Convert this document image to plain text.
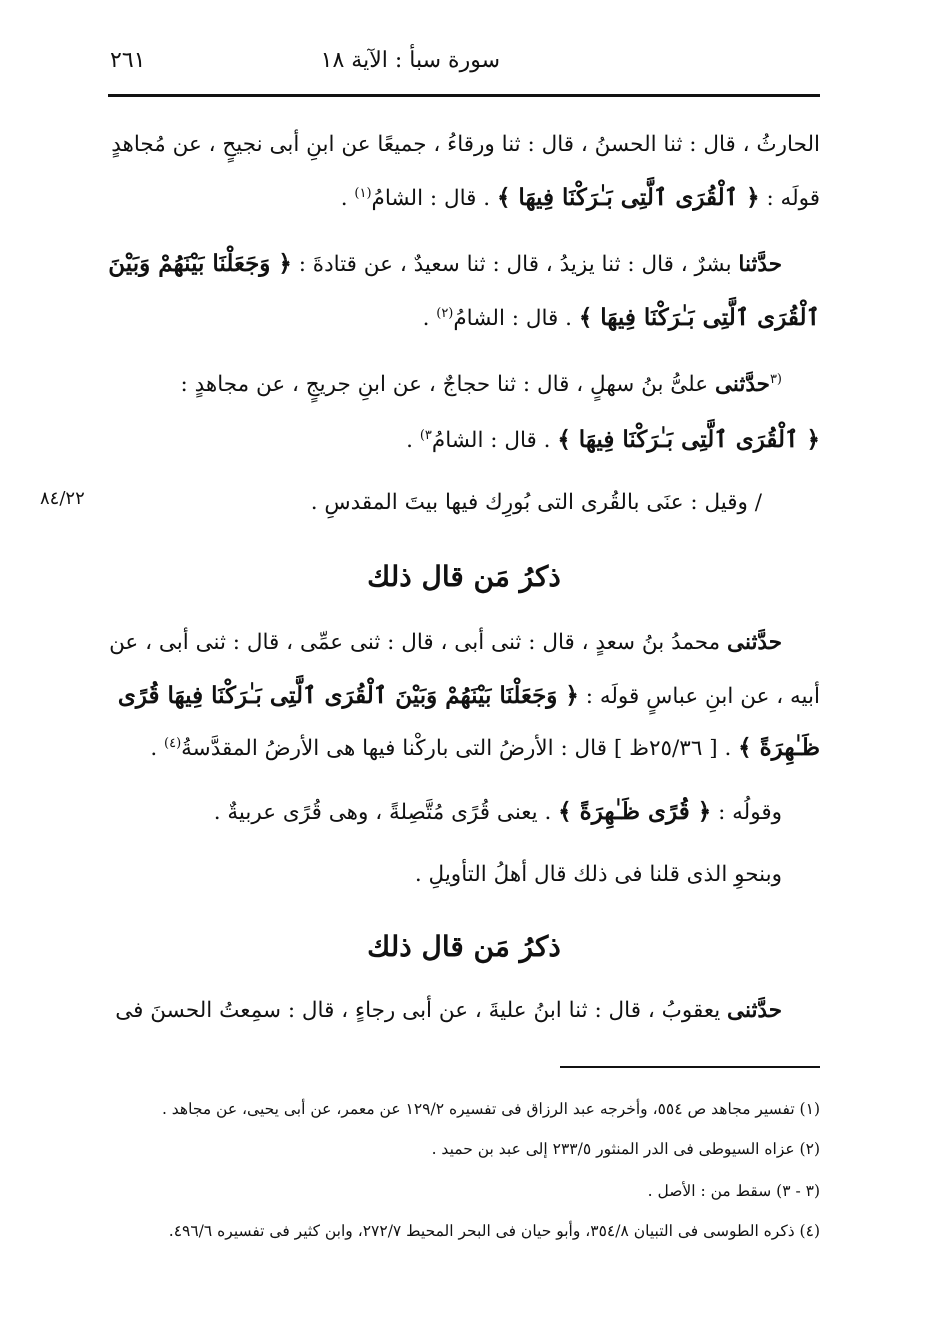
سورة سبأ : الآية ١٨
٢٦١
الحارثُ ، قال : ثنا الحسنُ ، قال : ثنا ورقاءُ ، جميعًا عن ابنِ أبى نجيحٍ ، عن مُجاهدٍ
قولَه : ﴿ ٱلْقُرَى ٱلَّتِى بَـٰرَكْنَا فِيهَا ﴾ . قال : الشامُ$^{(١)}$ .
حدَّثنا بشرٌ ، قال : ثنا يزيدُ ، قال : ثنا سعيدٌ ، عن قتادةَ : ﴿ وَجَعَلْنَا بَيْنَهُمْ وَبَيْنَ
ٱلْقُرَى ٱلَّتِى بَـٰرَكْنَا فِيهَا ﴾ . قال : الشامُ$^{(٢)}$ .
$^{(٣}$حدَّثنى علىُّ بنُ سهلٍ ، قال : ثنا حجاجٌ ، عن ابنِ جريجٍ ، عن مجاهدٍ :
﴿ ٱلْقُرَى ٱلَّتِى بَـٰرَكْنَا فِيهَا ﴾ . قال : الشامُ$^{٣)}$ .
٨٤/٢٢	/ وقيل : عنَى بالقُرى التى بُورِك فيها بيتَ المقدسِ .
ذكرُ مَن قال ذلك
حدَّثنى محمدُ بنُ سعدٍ ، قال : ثنى أبى ، قال : ثنى عمِّى ، قال : ثنى أبى ، عن
أبيه ، عن ابنِ عباسٍ قولَه : ﴿ وَجَعَلْنَا بَيْنَهُمْ وَبَيْنَ ٱلْقُرَى ٱلَّتِى بَـٰرَكْنَا فِيهَا قُرًى
ظَـٰهِرَةً ﴾ . [ ٢٥/٣٦ظ ] قال : الأرضُ التى باركْنا فيها هى الأرضُ المقدَّسةُ$^{(٤)}$ .
وقولُه : ﴿ قُرًى ظَـٰهِرَةً ﴾ . يعنى قُرًى مُتَّصِلةً ، وهى قُرًى عربيةٌ .
وبنحوِ الذى قلنا فى ذلك قال أهلُ التأويلِ .
ذكرُ مَن قال ذلك
حدَّثنى يعقوبُ ، قال : ثنا ابنُ عليةَ ، عن أبى رجاءٍ ، قال : سمِعتُ الحسنَ فى
(١) تفسير مجاهد ص ٥٥٤، وأخرجه عبد الرزاق فى تفسيره ١٢٩/٢ عن معمر، عن أبى يحيى، عن مجاهد .
(٢) عزاه السيوطى فى الدر المنثور ٢٣٣/٥ إلى عبد بن حميد .
(٣ - ٣) سقط من : الأصل .
(٤) ذكره الطوسى فى التبيان ٣٥٤/٨، وأبو حيان فى البحر المحيط ٢٧٢/٧، وابن كثير فى تفسيره ٤٩٦/٦.
